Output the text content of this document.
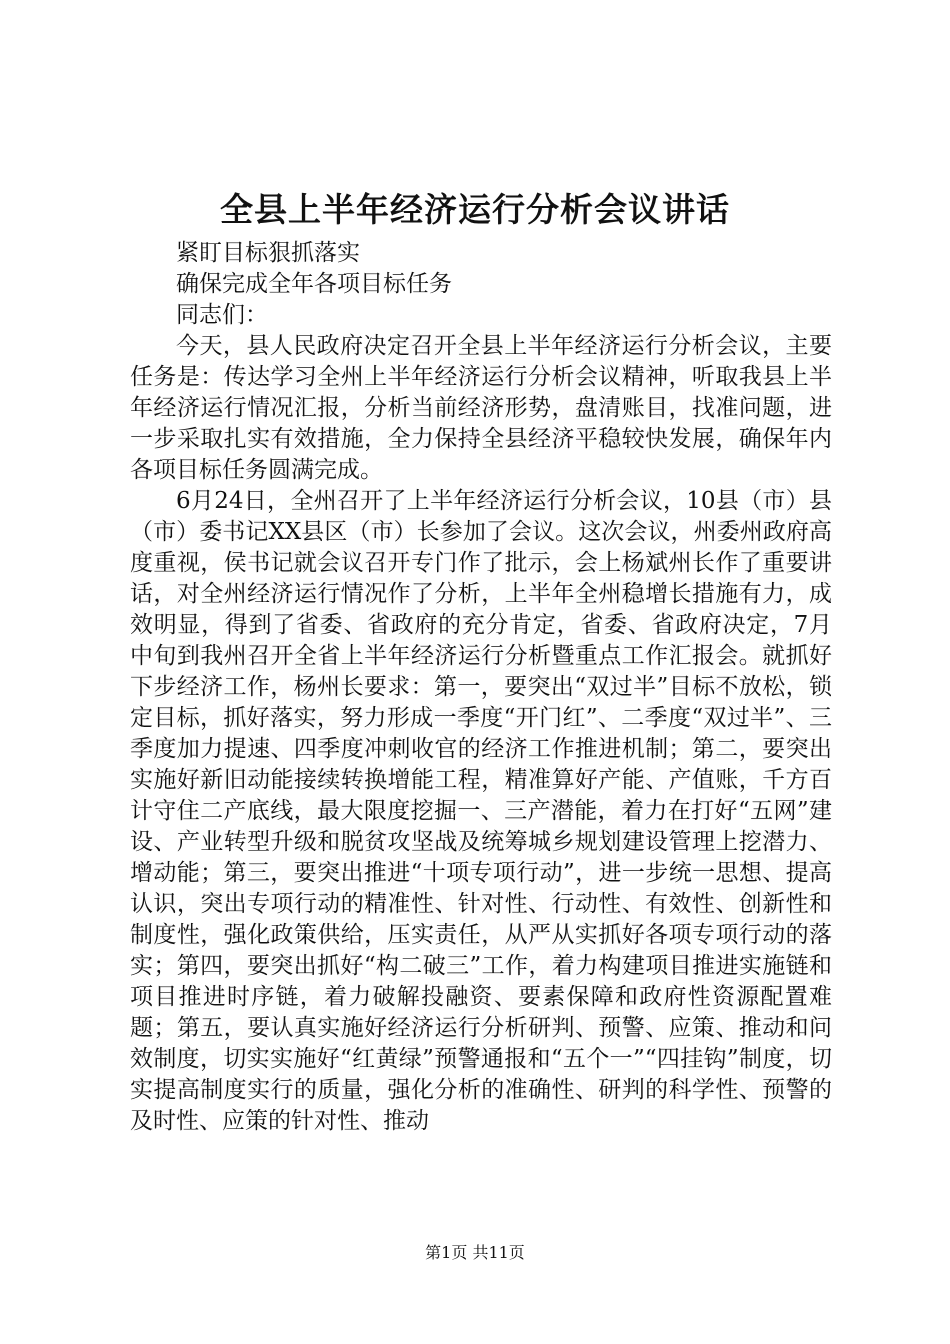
全县上半年经济运行分析会议讲话

紧盯目标狠抓落实

确保完成全年各项目标任务

同志们：

今天，县人民政府决定召开全县上半年经济运行分析会议，主要任务是：传达学习全州上半年经济运行分析会议精神，听取我县上半年经济运行情况汇报，分析当前经济形势，盘清账目，找准问题，进一步采取扎实有效措施，全力保持全县经济平稳较快发展，确保年内各项目标任务圆满完成。

6月24日，全州召开了上半年经济运行分析会议，10县（市）县（市）委书记XX县区（市）长参加了会议。这次会议，州委州政府高度重视，侯书记就会议召开专门作了批示，会上杨斌州长作了重要讲话，对全州经济运行情况作了分析，上半年全州稳增长措施有力，成效明显，得到了省委、省政府的充分肯定，省委、省政府决定，7月中旬到我州召开全省上半年经济运行分析暨重点工作汇报会。就抓好下步经济工作，杨州长要求：第一，要突出“双过半”目标不放松，锁定目标，抓好落实，努力形成一季度“开门红”、二季度“双过半”、三季度加力提速、四季度冲刺收官的经济工作推进机制；第二，要突出实施好新旧动能接续转换增能工程，精准算好产能、产值账，千方百计守住二产底线，最大限度挖掘一、三产潜能，着力在打好“五网”建设、产业转型升级和脱贫攻坚战及统筹城乡规划建设管理上挖潜力、增动能；第三，要突出推进“十项专项行动”，进一步统一思想、提高认识，突出专项行动的精准性、针对性、行动性、有效性、创新性和制度性，强化政策供给，压实责任，从严从实抓好各项专项行动的落实；第四，要突出抓好“构二破三”工作，着力构建项目推进实施链和项目推进时序链，着力破解投融资、要素保障和政府性资源配置难题；第五，要认真实施好经济运行分析研判、预警、应策、推动和问效制度，切实实施好“红黄绿”预警通报和“五个一”“四挂钩”制度，切实提高制度实行的质量，强化分析的准确性、研判的科学性、预警的及时性、应策的针对性、推动

第1页 共11页
